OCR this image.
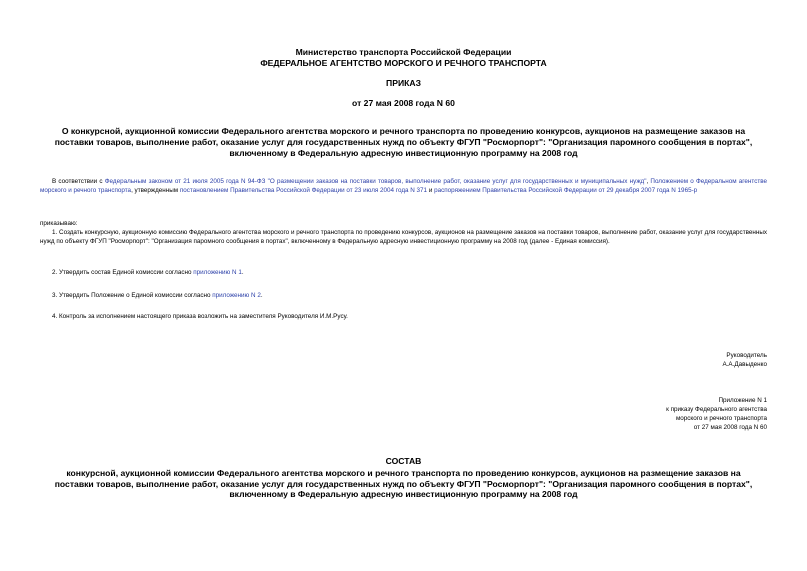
Министерство транспорта Российской Федерации
ФЕДЕРАЛЬНОЕ АГЕНТСТВО МОРСКОГО И РЕЧНОГО ТРАНСПОРТА
ПРИКАЗ
от 27 мая 2008 года N 60
О конкурсной, аукционной комиссии Федерального агентства морского и речного транспорта по проведению конкурсов, аукционов на размещение заказов на
поставки товаров, выполнение работ, оказание услуг для государственных нужд по объекту ФГУП "Росморпорт": "Организация паромного сообщения в портах",
включенному в Федеральную адресную инвестиционную программу на 2008 год
В соответствии с Федеральным законом от 21 июля 2005 года N 94-ФЗ "О размещении заказов на поставки товаров, выполнение работ, оказание услуг для государственных и муниципальных нужд", Положением о Федеральном агентстве морского и речного транспорта, утвержденным постановлением Правительства Российской Федерации от 23 июля 2004 года N 371 и распоряжением Правительства Российской Федерации от 29 декабря 2007 года N 1965-р
приказываю:
1. Создать конкурсную, аукционную комиссию Федерального агентства морского и речного транспорта по проведению конкурсов, аукционов на размещение заказов на поставки товаров, выполнение работ, оказание услуг для государственных нужд по объекту ФГУП "Росморпорт": "Организация паромного сообщения в портах", включенному в Федеральную адресную инвестиционную программу на 2008 год (далее - Единая комиссия).
2. Утвердить состав Единой комиссии согласно приложению N 1.
3. Утвердить Положение о Единой комиссии согласно приложению N 2.
4. Контроль за исполнением настоящего приказа возложить на заместителя Руководителя И.М.Русу.
Руководитель
А.А.Давыденко
Приложение N 1
к приказу Федерального агентства
морского и речного транспорта
от 27 мая 2008 года N 60
СОСТАВ
конкурсной, аукционной комиссии Федерального агентства морского и речного транспорта по проведению конкурсов, аукционов на размещение заказов на
поставки товаров, выполнение работ, оказание услуг для государственных нужд по объекту ФГУП "Росморпорт": "Организация паромного сообщения в портах",
включенному в Федеральную адресную инвестиционную программу на 2008 год
